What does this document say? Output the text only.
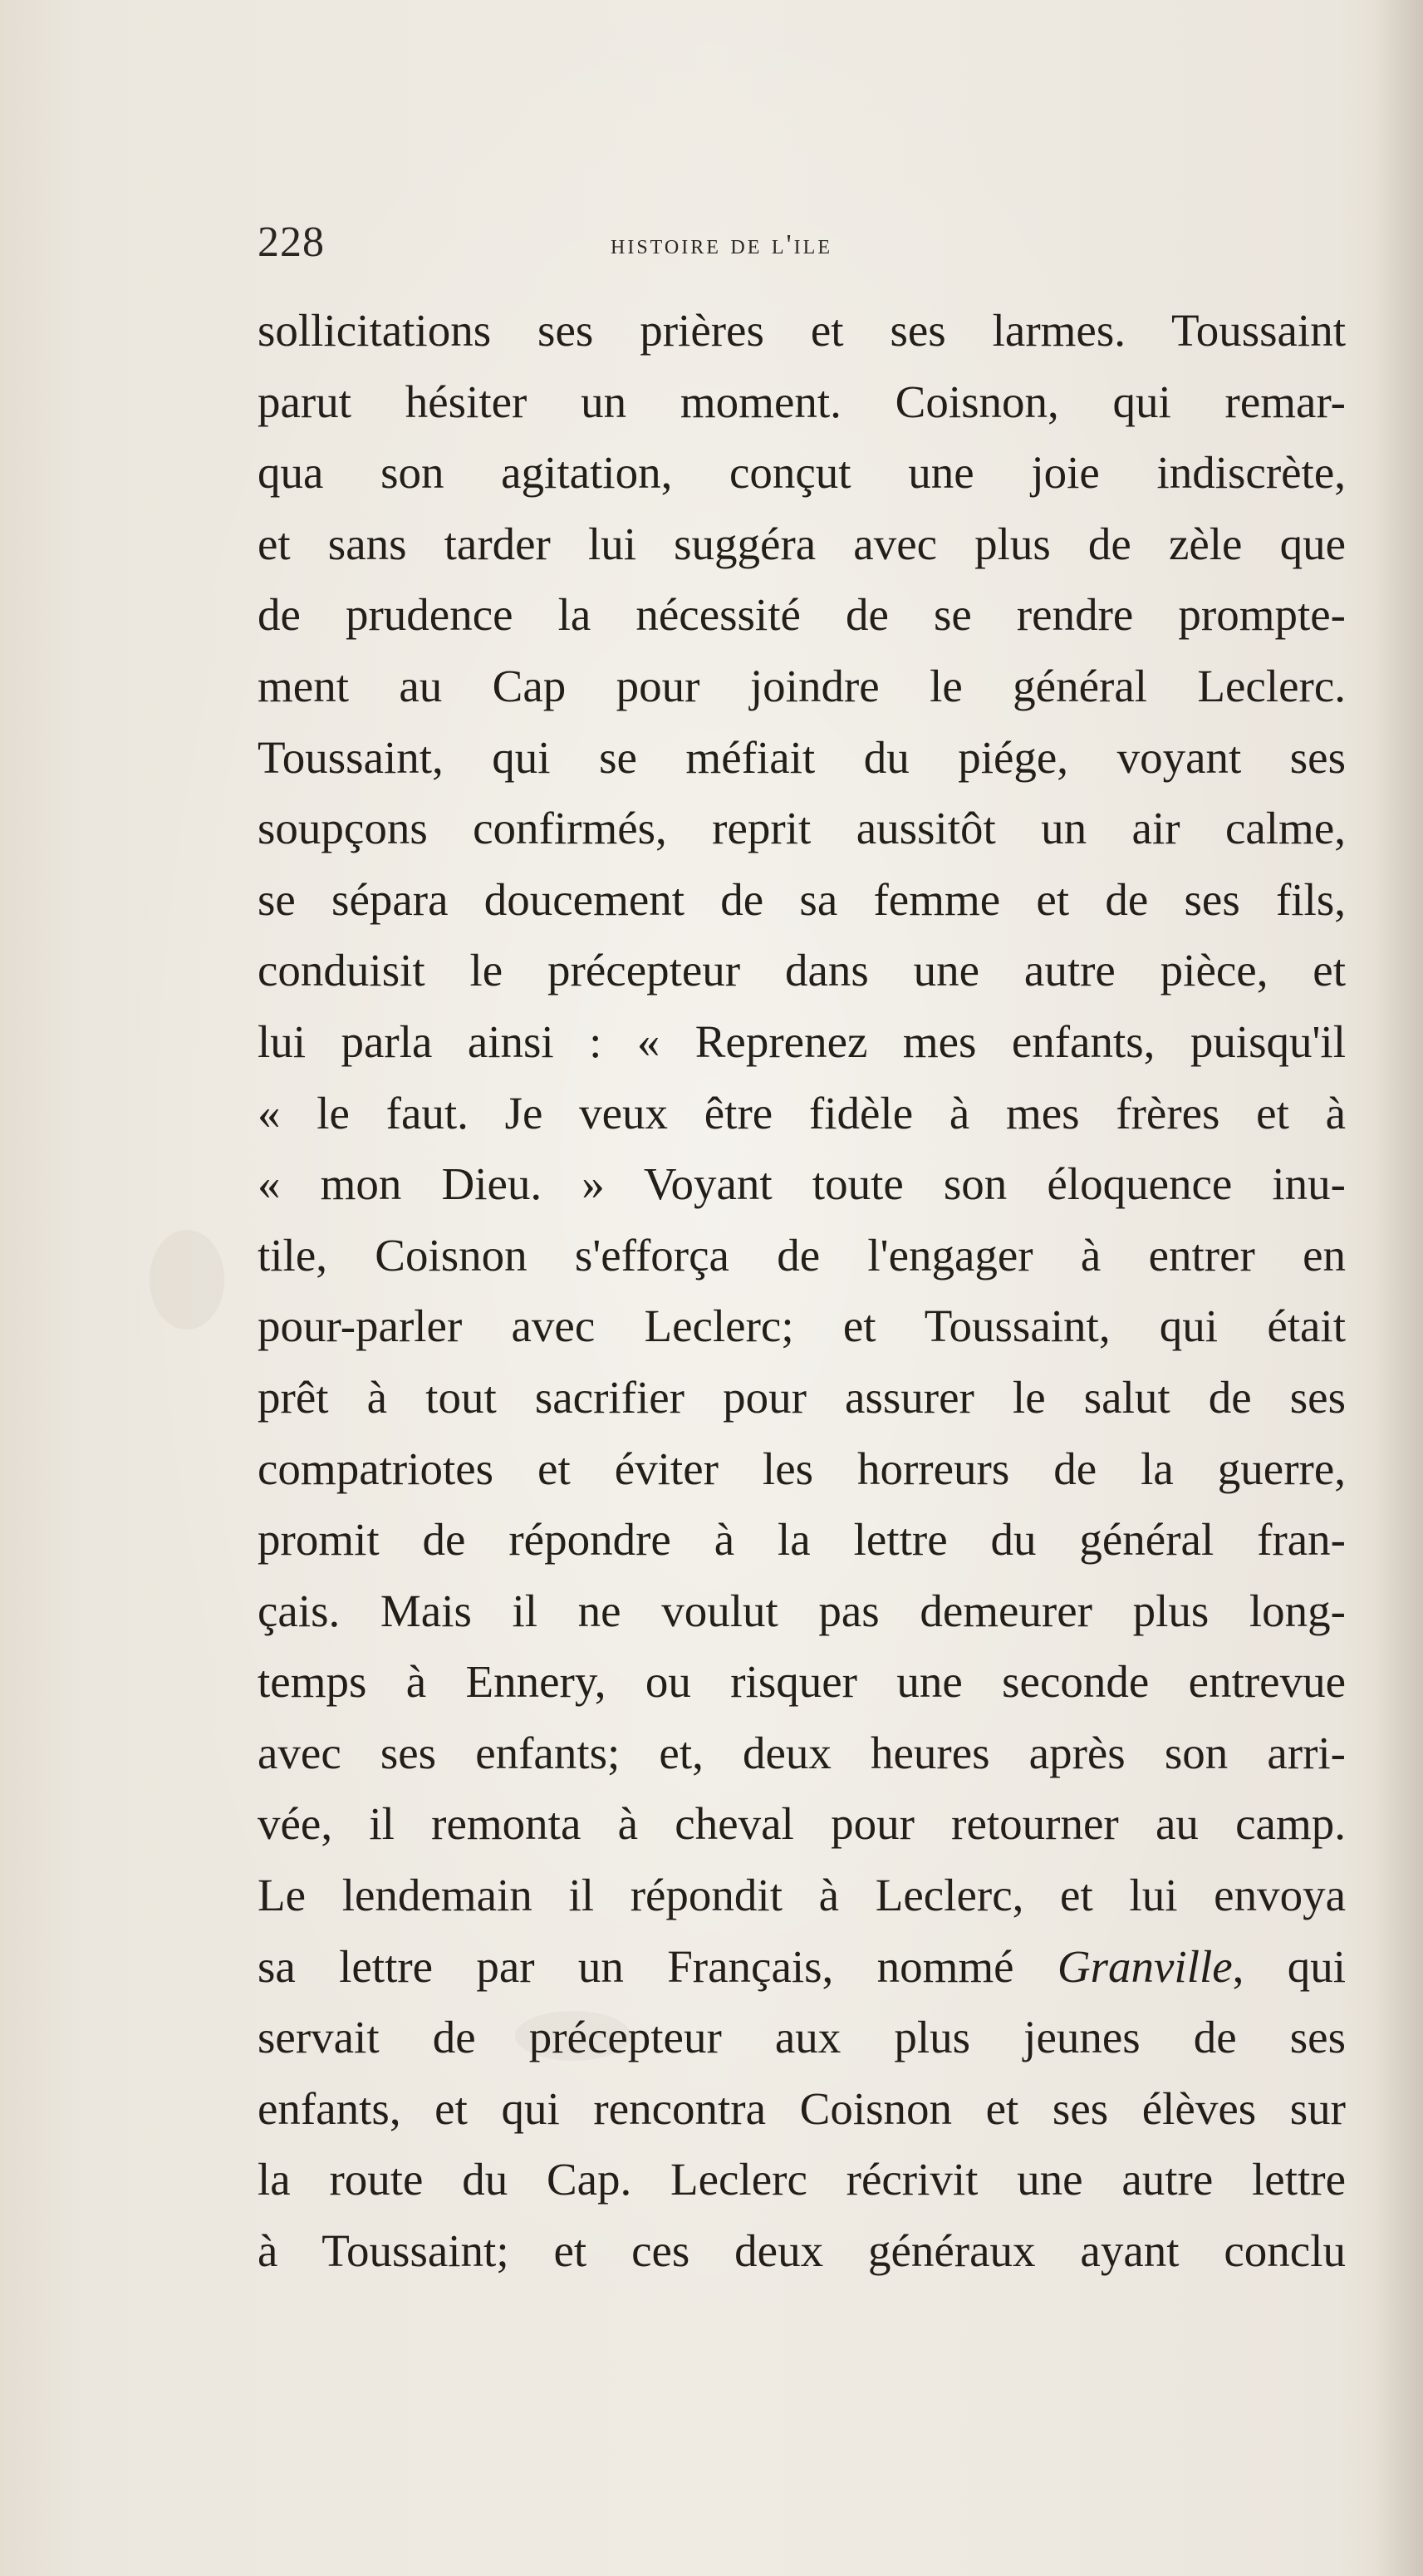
228	histoire de l'ile
sollicitations ses prières et ses larmes. Toussaint
parut hésiter un moment. Coisnon, qui remar-
qua son agitation, conçut une joie indiscrète,
et sans tarder lui suggéra avec plus de zèle que
de prudence la nécessité de se rendre prompte-
ment au Cap pour joindre le général Leclerc.
Toussaint, qui se méfiait du piége, voyant ses
soupçons confirmés, reprit aussitôt un air calme,
se sépara doucement de sa femme et de ses fils,
conduisit le précepteur dans une autre pièce, et
lui parla ainsi : « Reprenez mes enfants, puisqu'il
« le faut. Je veux être fidèle à mes frères et à
« mon Dieu. » Voyant toute son éloquence inu-
tile, Coisnon s'efforça de l'engager à entrer en
pour-parler avec Leclerc; et Toussaint, qui était
prêt à tout sacrifier pour assurer le salut de ses
compatriotes et éviter les horreurs de la guerre,
promit de répondre à la lettre du général fran-
çais. Mais il ne voulut pas demeurer plus long-
temps à Ennery, ou risquer une seconde entrevue
avec ses enfants; et, deux heures après son arri-
vée, il remonta à cheval pour retourner au camp.
Le lendemain il répondit à Leclerc, et lui envoya
sa lettre par un Français, nommé Granville, qui
servait de précepteur aux plus jeunes de ses
enfants, et qui rencontra Coisnon et ses élèves sur
la route du Cap. Leclerc récrivit une autre lettre
à Toussaint; et ces deux généraux ayant conclu
